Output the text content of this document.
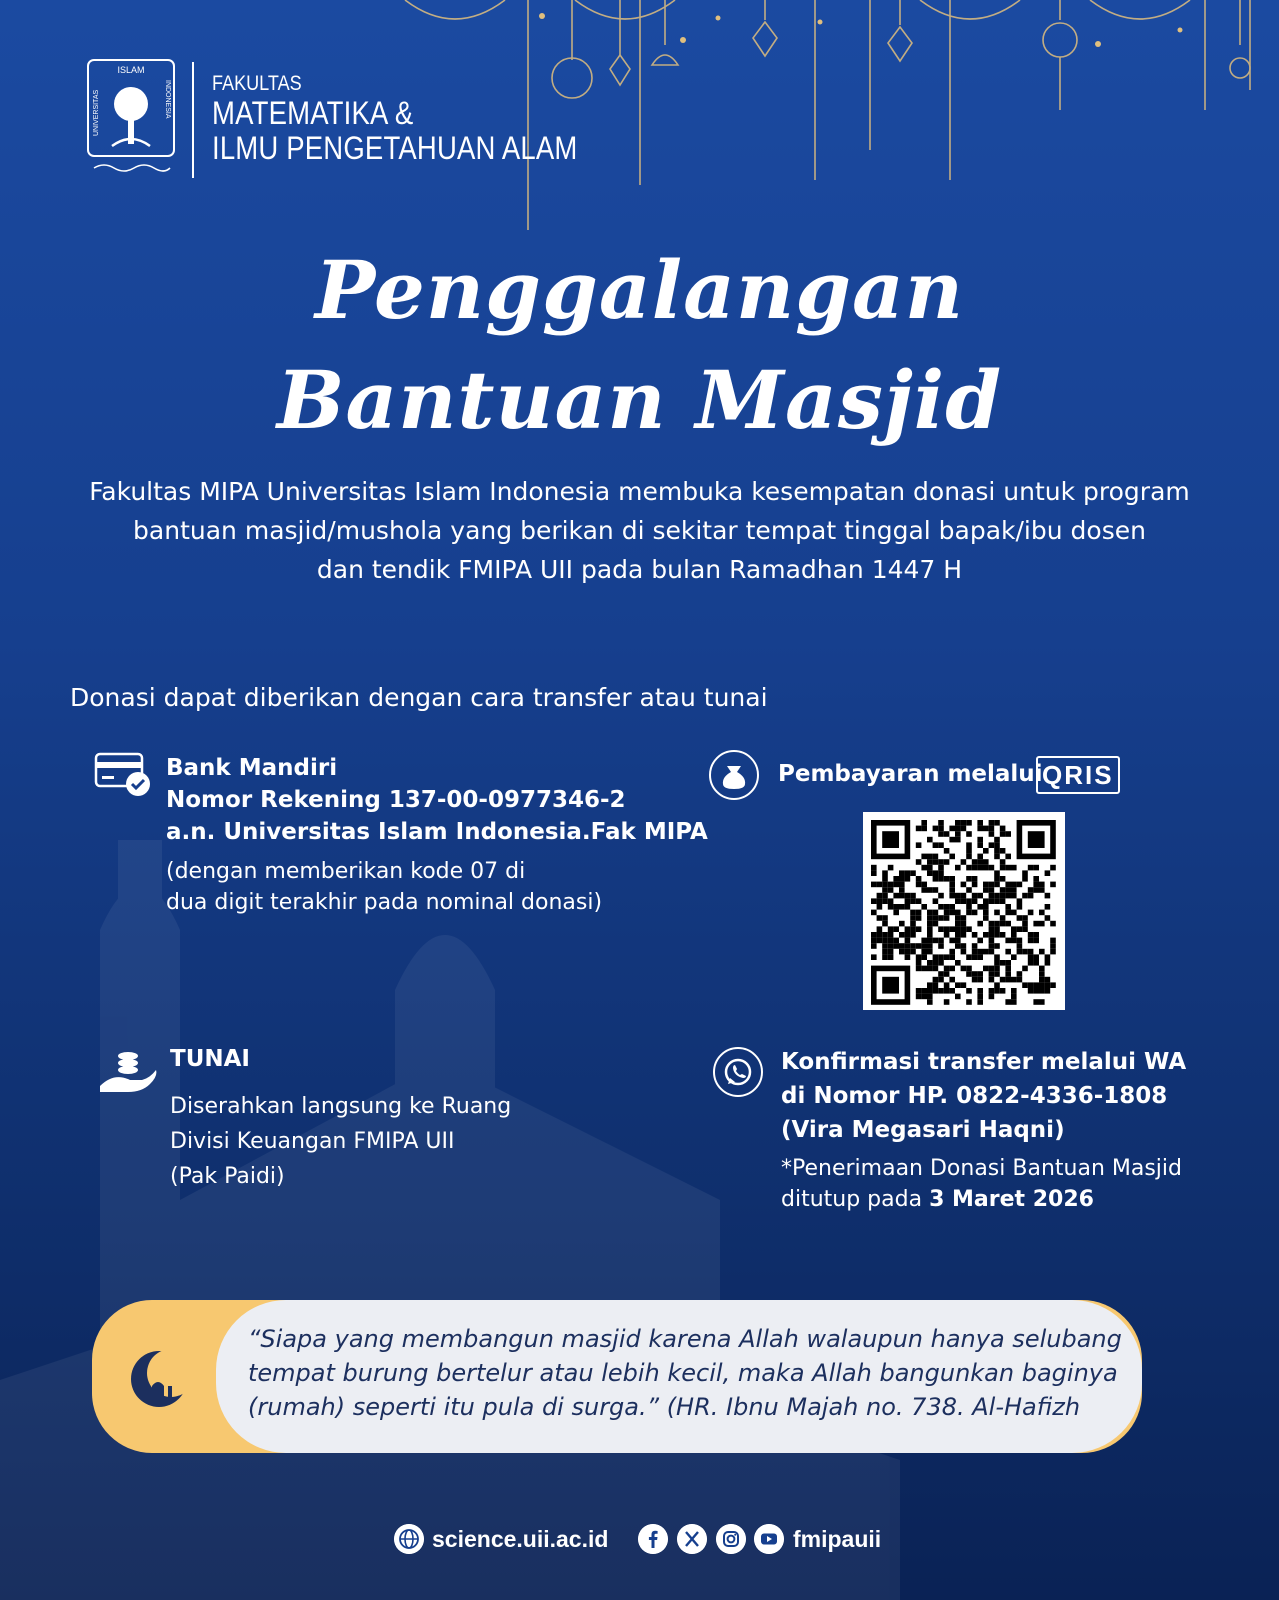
ISLAM
UNIVERSITAS	INDONESIA FAKULTAS
MATEMATIKA &
ILMU PENGETAHUAN ALAM
Penggalangan
Bantuan Masjid
Fakultas MIPA Universitas Islam Indonesia membuka kesempatan donasi untuk program
bantuan masjid/mushola yang berikan di sekitar tempat tinggal bapak/ibu dosen
dan tendik FMIPA UII pada bulan Ramadhan 1447 H
Donasi dapat diberikan dengan cara transfer atau tunai
Bank Mandiri
Nomor Rekening 137-00-0977346-2
a.n. Universitas Islam Indonesia.Fak MIPA
(dengan memberikan kode 07 di
dua digit terakhir pada nominal donasi)
Pembayaran melalui QRIS
TUNAI
Diserahkan langsung ke Ruang
Divisi Keuangan FMIPA UII
(Pak Paidi)
Konfirmasi transfer melalui WA
di Nomor HP. 0822-4336-1808
(Vira Megasari Haqni)
*Penerimaan Donasi Bantuan Masjid
ditutup pada 3 Maret 2026
“Siapa yang membangun masjid karena Allah walaupun hanya selubang
tempat burung bertelur atau lebih kecil, maka Allah bangunkan baginya
(rumah) seperti itu pula di surga.” (HR. Ibnu Majah no. 738. Al-Hafizh
science.uii.ac.id	fmipauii
